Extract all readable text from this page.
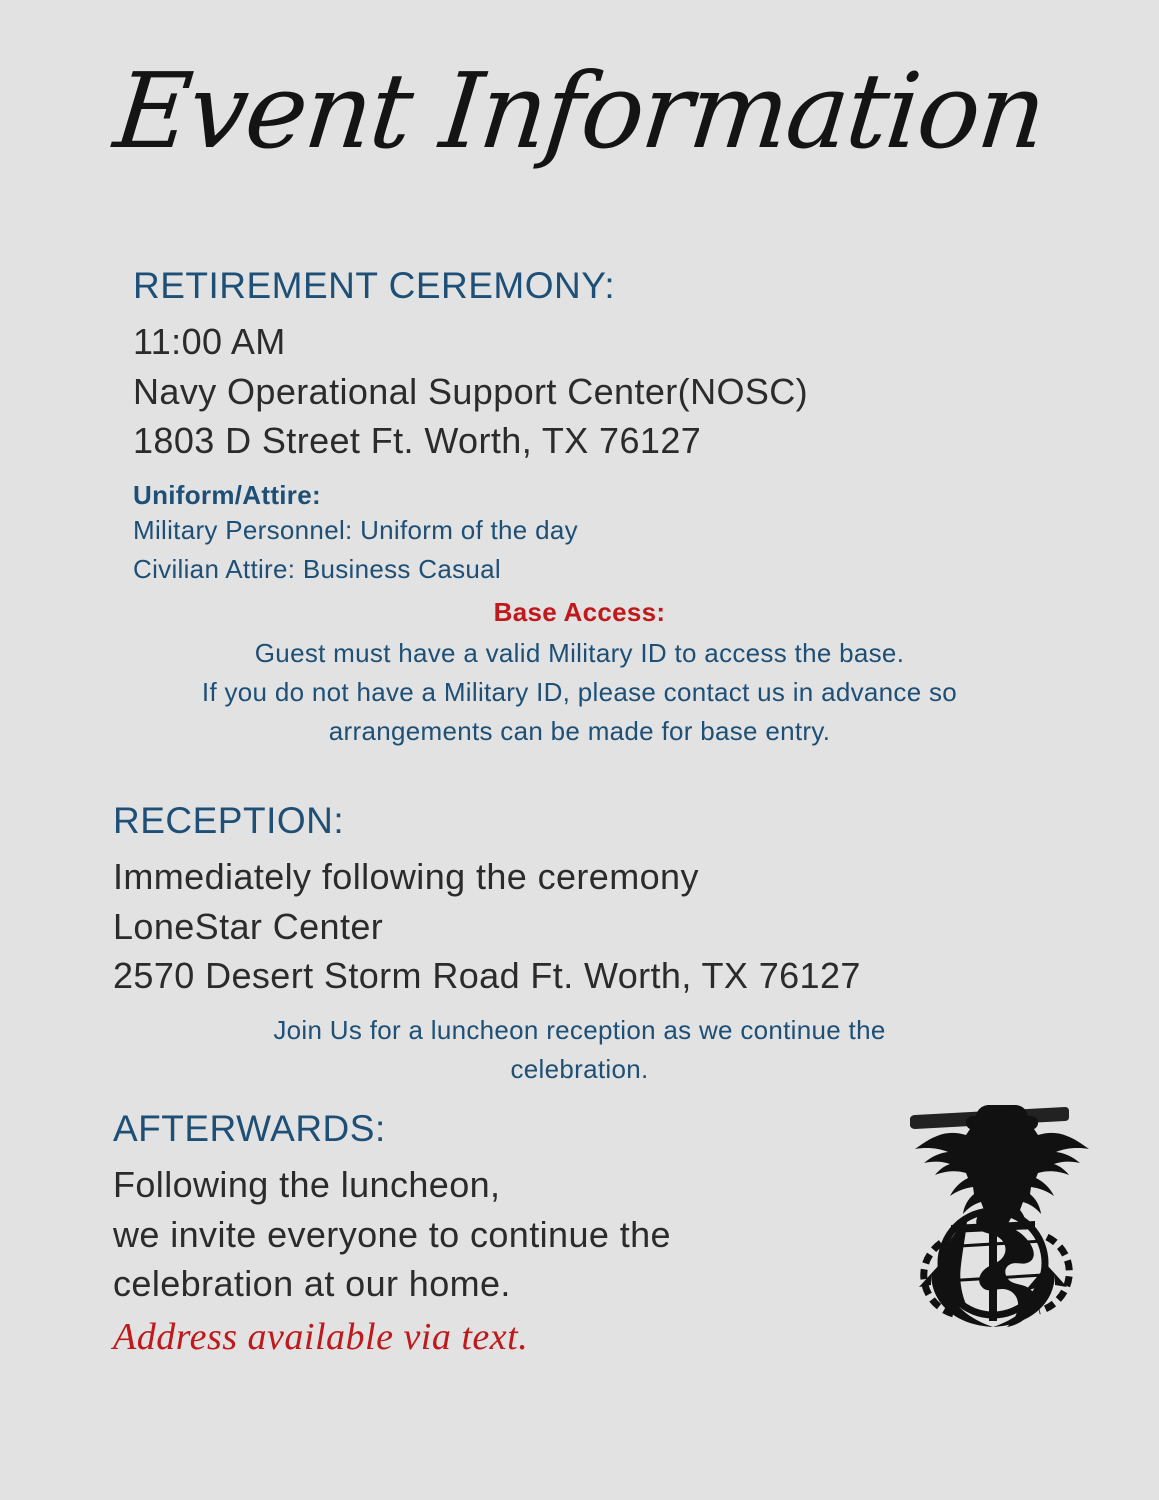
Event Information
RETIREMENT CEREMONY:
11:00 AM
Navy Operational Support Center(NOSC)
1803 D Street Ft. Worth, TX 76127
Uniform/Attire:
Military Personnel: Uniform of the day
Civilian Attire: Business Casual
Base Access:
Guest must have a valid Military ID to access the base.
If you do not have a Military ID, please contact us in advance so
arrangements can be made for base entry.
RECEPTION:
Immediately following the ceremony
LoneStar Center
2570 Desert Storm Road Ft. Worth, TX 76127
Join Us for a luncheon reception as we continue the
celebration.
AFTERWARDS:
Following the luncheon,
we invite everyone to continue the
celebration at our home.
Address available via text.
